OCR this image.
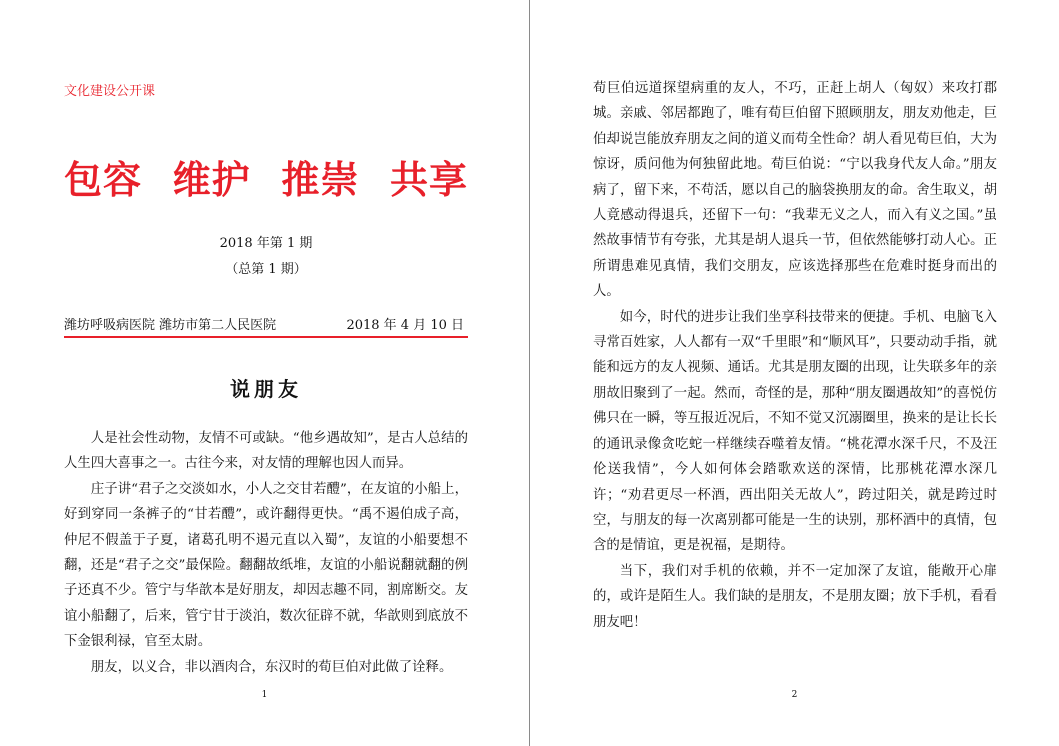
文化建设公开课
包容 维护 推崇 共享
2018 年第 1 期
（总第 1 期）
潍坊呼吸病医院 潍坊市第二人民医院	2018 年 4 月 10 日
说朋友

人是社会性动物，友情不可或缺。“他乡遇故知”，是古人总结的人生四大喜事之一。古往今来，对友情的理解也因人而异。

庄子讲“君子之交淡如水，小人之交甘若醴”，在友谊的小船上，好到穿同一条裤子的“甘若醴”，或许翻得更快。“禹不遏伯成子高，仲尼不假盖于子夏，诸葛孔明不遏元直以入蜀”，友谊的小船要想不翻，还是“君子之交”最保险。翻翻故纸堆，友谊的小船说翻就翻的例子还真不少。管宁与华歆本是好朋友，却因志趣不同，割席断交。友谊小船翻了，后来，管宁甘于淡泊，数次征辟不就，华歆则到底放不下金银利禄，官至太尉。

朋友，以义合，非以酒肉合，东汉时的荀巨伯对此做了诠释。

1

荀巨伯远道探望病重的友人，不巧，正赶上胡人（匈奴）来攻打郡城。亲戚、邻居都跑了，唯有荀巨伯留下照顾朋友，朋友劝他走，巨伯却说岂能放弃朋友之间的道义而苟全性命？胡人看见荀巨伯，大为惊讶，质问他为何独留此地。荀巨伯说：“宁以我身代友人命。”朋友病了，留下来，不苟活，愿以自己的脑袋换朋友的命。舍生取义，胡人竟感动得退兵，还留下一句：“我辈无义之人，而入有义之国。”虽然故事情节有夸张，尤其是胡人退兵一节，但依然能够打动人心。正所谓患难见真情，我们交朋友，应该选择那些在危难时挺身而出的人。

如今，时代的进步让我们坐享科技带来的便捷。手机、电脑飞入寻常百姓家，人人都有一双“千里眼”和“顺风耳”，只要动动手指，就能和远方的友人视频、通话。尤其是朋友圈的出现，让失联多年的亲朋故旧聚到了一起。然而，奇怪的是，那种“朋友圈遇故知”的喜悦仿佛只在一瞬，等互报近况后，不知不觉又沉溺圈里，换来的是让长长的通讯录像贪吃蛇一样继续吞噬着友情。“桃花潭水深千尺，不及汪伦送我情”，今人如何体会踏歌欢送的深情，比那桃花潭水深几许；“劝君更尽一杯酒，西出阳关无故人”，跨过阳关，就是跨过时空，与朋友的每一次离别都可能是一生的诀别，那杯酒中的真情，包含的是情谊，更是祝福，是期待。

当下，我们对手机的依赖，并不一定加深了友谊，能敞开心扉的，或许是陌生人。我们缺的是朋友，不是朋友圈；放下手机，看看朋友吧！

2
